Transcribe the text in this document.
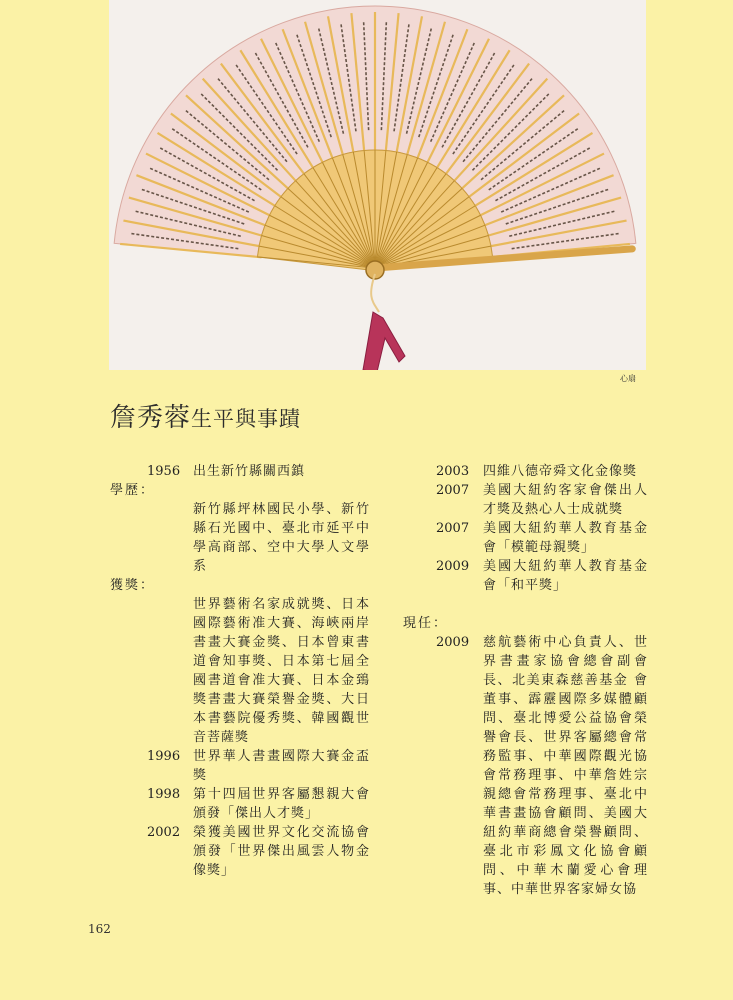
心扇
詹秀蓉生平與事蹟
1956 出生新竹縣關西鎮
學歷：
新竹縣坪林國民小學、新竹縣石光國中、臺北市延平中學高商部、空中大學人文學系
獲獎：
世界藝術名家成就獎、日本國際藝術准大賽、海峽兩岸書畫大賽金獎、日本曾東書道會知事獎、日本第七屆全國書道會准大賽、日本金鵄獎書畫大賽榮譽金獎、大日本書藝院優秀獎、韓國觀世音菩薩獎
1996 世界華人書畫國際大賽金盃獎
1998 第十四屆世界客屬懇親大會頒發「傑出人才獎」
2002 榮獲美國世界文化交流協會頒發「世界傑出風雲人物金像獎」
2003	四維八德帝舜文化金像獎
2007	美國大紐約客家會傑出人才獎及熱心人士成就獎
2007	美國大紐約華人教育基金會「模範母親獎」
2009	美國大紐約華人教育基金會「和平獎」
現任：
2009	慈航藝術中心負責人、世界書畫家協會總會副會長、北美東森慈善基金 會董事、霹靂國際多媒體顧問、臺北博愛公益協會榮譽會長、世界客屬總會常務監事、中華國際觀光協會常務理事、中華詹姓宗親總會常務理事、臺北中華書畫協會顧問、美國大紐約華商總會榮譽顧問、臺北市彩鳳文化協會顧問、中華木蘭愛心會理事、中華世界客家婦女協
162
